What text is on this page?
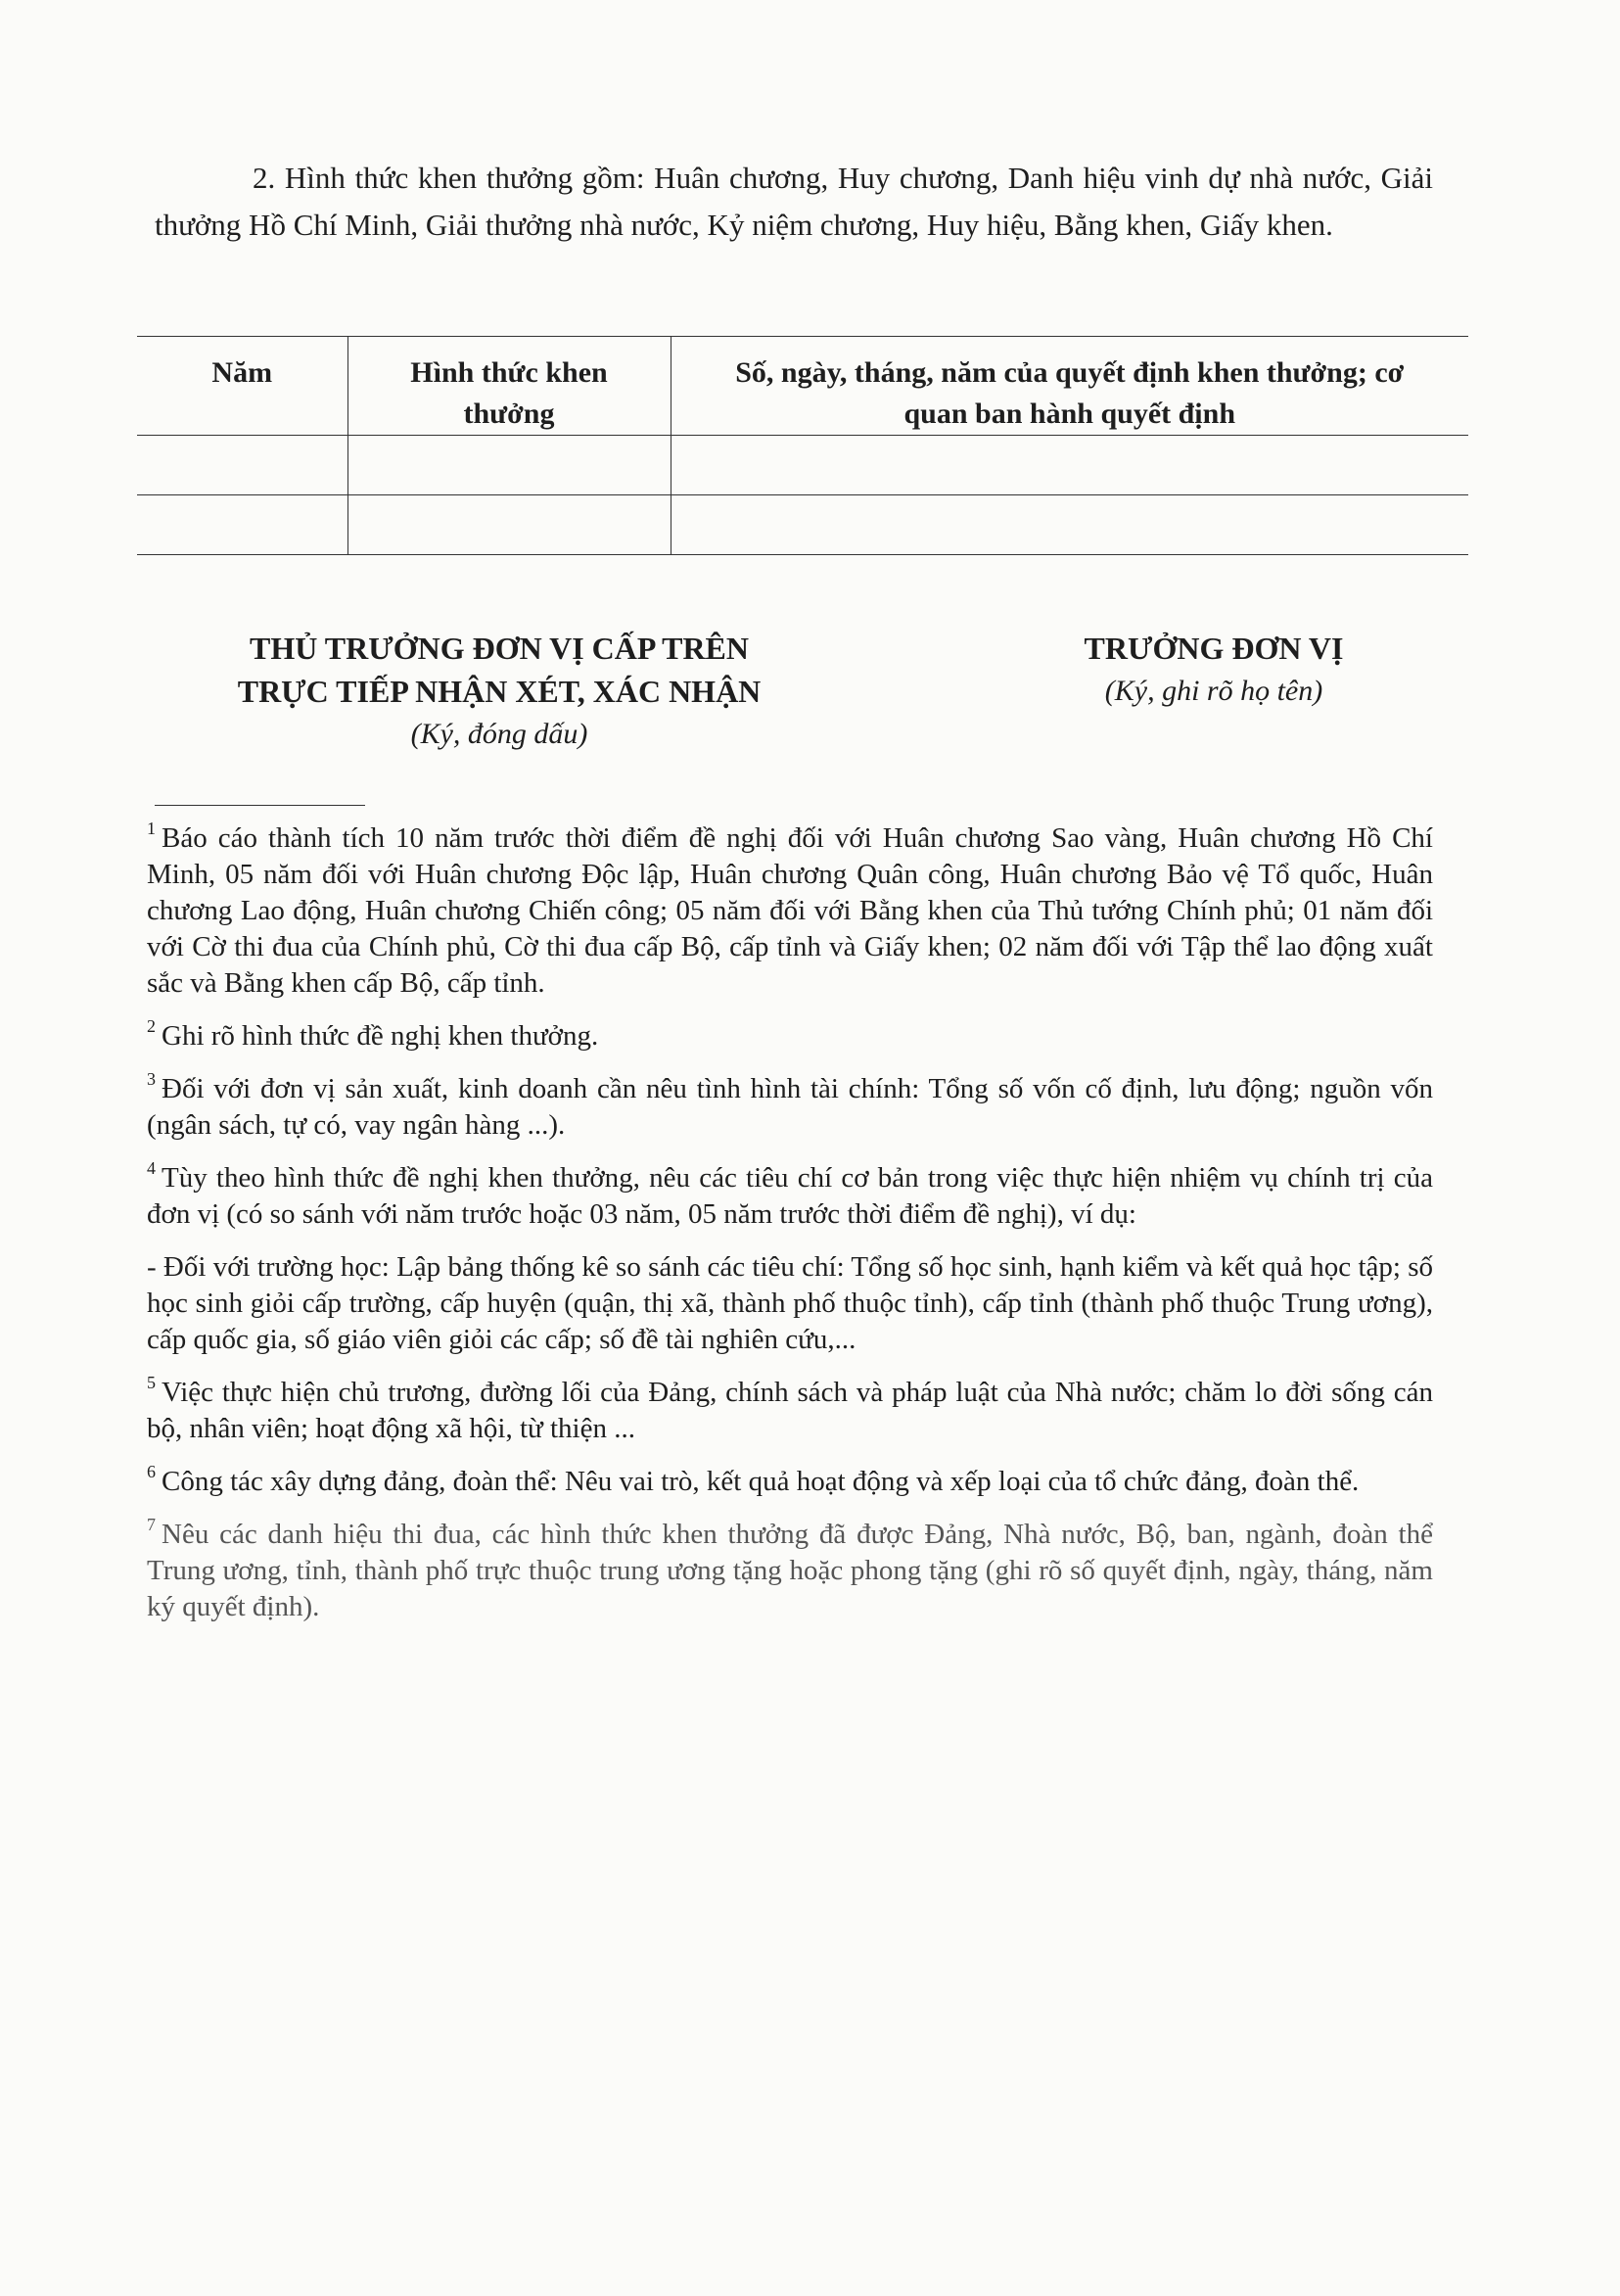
2. Hình thức khen thưởng gồm: Huân chương, Huy chương, Danh hiệu vinh dự nhà nước, Giải thưởng Hồ Chí Minh, Giải thưởng nhà nước, Kỷ niệm chương, Huy hiệu, Bằng khen, Giấy khen.

Năm	Hình thức khen thưởng	Số, ngày, tháng, năm của quyết định khen thưởng; cơ quan ban hành quyết định

THỦ TRƯỞNG ĐƠN VỊ CẤP TRÊN
TRỰC TIẾP NHẬN XÉT, XÁC NHẬN
(Ký, đóng dấu)
TRƯỞNG ĐƠN VỊ
(Ký, ghi rõ họ tên)

$^1$ Báo cáo thành tích 10 năm trước thời điểm đề nghị đối với Huân chương Sao vàng, Huân chương Hồ Chí Minh, 05 năm đối với Huân chương Độc lập, Huân chương Quân công, Huân chương Bảo vệ Tổ quốc, Huân chương Lao động, Huân chương Chiến công; 05 năm đối với Bằng khen của Thủ tướng Chính phủ; 01 năm đối với Cờ thi đua của Chính phủ, Cờ thi đua cấp Bộ, cấp tỉnh và Giấy khen; 02 năm đối với Tập thể lao động xuất sắc và Bằng khen cấp Bộ, cấp tỉnh.

$^2$ Ghi rõ hình thức đề nghị khen thưởng.

$^3$ Đối với đơn vị sản xuất, kinh doanh cần nêu tình hình tài chính: Tổng số vốn cố định, lưu động; nguồn vốn (ngân sách, tự có, vay ngân hàng ...).

$^4$ Tùy theo hình thức đề nghị khen thưởng, nêu các tiêu chí cơ bản trong việc thực hiện nhiệm vụ chính trị của đơn vị (có so sánh với năm trước hoặc 03 năm, 05 năm trước thời điểm đề nghị), ví dụ:

- Đối với trường học: Lập bảng thống kê so sánh các tiêu chí: Tổng số học sinh, hạnh kiểm và kết quả học tập; số học sinh giỏi cấp trường, cấp huyện (quận, thị xã, thành phố thuộc tỉnh), cấp tỉnh (thành phố thuộc Trung ương), cấp quốc gia, số giáo viên giỏi các cấp; số đề tài nghiên cứu,...

$^5$ Việc thực hiện chủ trương, đường lối của Đảng, chính sách và pháp luật của Nhà nước; chăm lo đời sống cán bộ, nhân viên; hoạt động xã hội, từ thiện ...

$^6$ Công tác xây dựng đảng, đoàn thể: Nêu vai trò, kết quả hoạt động và xếp loại của tổ chức đảng, đoàn thể.

$^7$ Nêu các danh hiệu thi đua, các hình thức khen thưởng đã được Đảng, Nhà nước, Bộ, ban, ngành, đoàn thể Trung ương, tỉnh, thành phố trực thuộc trung ương tặng hoặc phong tặng (ghi rõ số quyết định, ngày, tháng, năm ký quyết định).
